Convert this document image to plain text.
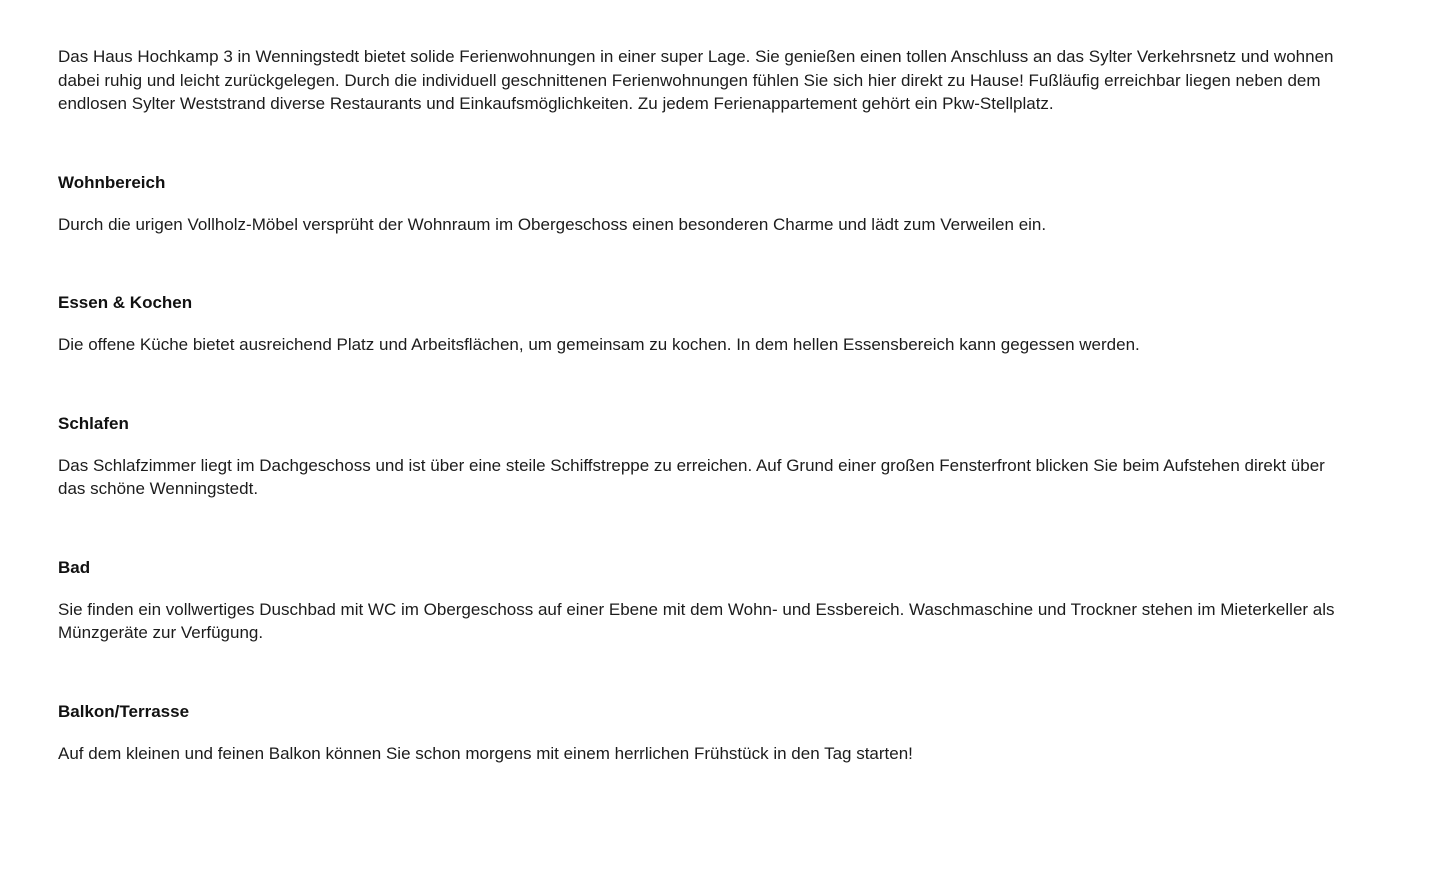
Das Haus Hochkamp 3 in Wenningstedt bietet solide Ferienwohnungen in einer super Lage. Sie genießen einen tollen Anschluss an das Sylter Verkehrsnetz und wohnen dabei ruhig und leicht zurückgelegen. Durch die individuell geschnittenen Ferienwohnungen fühlen Sie sich hier direkt zu Hause! Fußläufig erreichbar liegen neben dem endlosen Sylter Weststrand diverse Restaurants und Einkaufsmöglichkeiten. Zu jedem Ferienappartement gehört ein Pkw-Stellplatz.

Wohnbereich

Durch die urigen Vollholz-Möbel versprüht der Wohnraum im Obergeschoss einen besonderen Charme und lädt zum Verweilen ein.

Essen & Kochen

Die offene Küche bietet ausreichend Platz und Arbeitsflächen, um gemeinsam zu kochen. In dem hellen Essensbereich kann gegessen werden.

Schlafen

Das Schlafzimmer liegt im Dachgeschoss und ist über eine steile Schiffstreppe zu erreichen. Auf Grund einer großen Fensterfront blicken Sie beim Aufstehen direkt über das schöne Wenningstedt.

Bad

Sie finden ein vollwertiges Duschbad mit WC im Obergeschoss auf einer Ebene mit dem Wohn- und Essbereich. Waschmaschine und Trockner stehen im Mieterkeller als Münzgeräte zur Verfügung.

Balkon/Terrasse

Auf dem kleinen und feinen Balkon können Sie schon morgens mit einem herrlichen Frühstück in den Tag starten!
